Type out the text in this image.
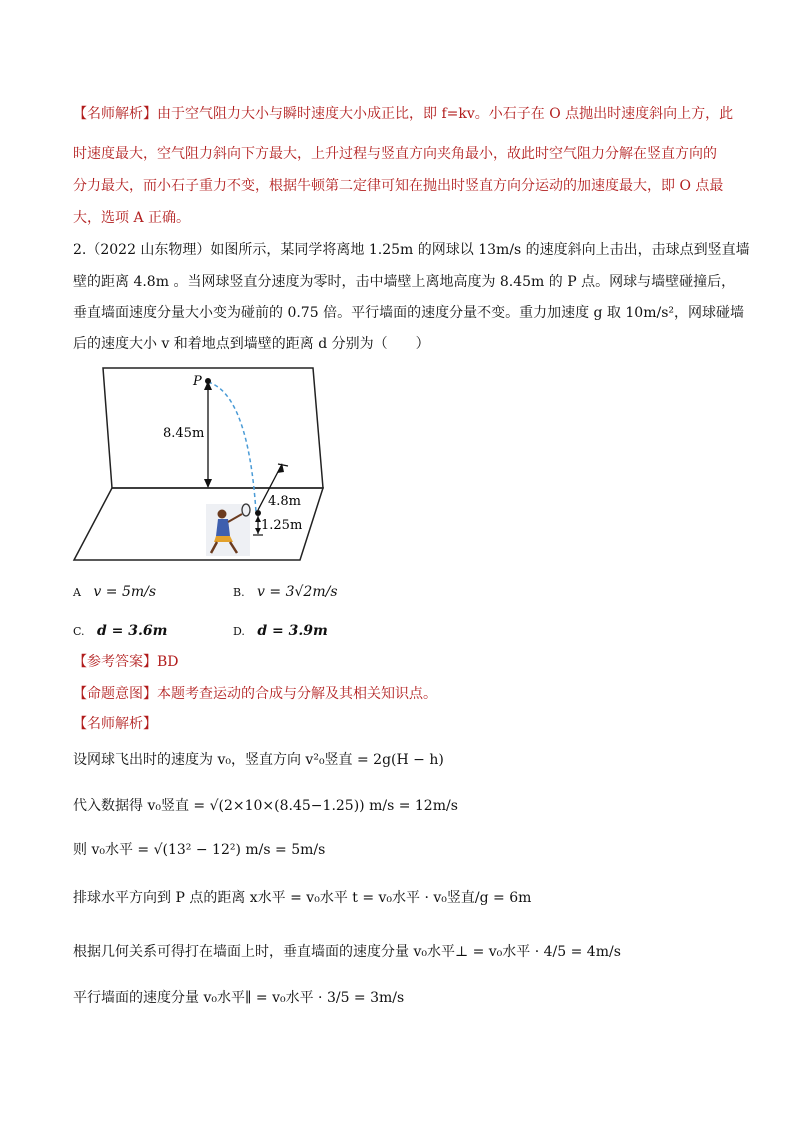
【名师解析】由于空气阻力大小与瞬时速度大小成正比，即 f=kv。小石子在 O 点抛出时速度斜向上方，此
时速度最大，空气阻力斜向下方最大，上升过程与竖直方向夹角最小，故此时空气阻力分解在竖直方向的
分力最大，而小石子重力不变，根据牛顿第二定律可知在抛出时竖直方向分运动的加速度最大，即 O 点最
大，选项 A 正确。
2.（2022 山东物理）如图所示，某同学将离地 1.25m 的网球以 13m/s 的速度斜向上击出，击球点到竖直墙
壁的距离 4.8m 。当网球竖直分速度为零时，击中墙壁上离地高度为 8.45m 的 P 点。网球与墙壁碰撞后，
垂直墙面速度分量大小变为碰前的 0.75 倍。平行墙面的速度分量不变。重力加速度 g 取 10m/s²，网球碰墙
后的速度大小 v 和着地点到墙壁的距离 d 分别为（　　）
P
8.45m
4.8m
1.25m
A v = 5m/s	B. v = 3√2m/s
C. d = 3.6m	D. d = 3.9m
【参考答案】BD
【命题意图】本题考查运动的合成与分解及其相关知识点。
【名师解析】
设网球飞出时的速度为 v₀，竖直方向 v²₀竖直 = 2g(H − h)
代入数据得 v₀竖直 = √(2×10×(8.45−1.25)) m/s = 12m/s
则 v₀水平 = √(13² − 12²) m/s = 5m/s
排球水平方向到 P 点的距离 x水平 = v₀水平 t = v₀水平 · v₀竖直/g = 6m
根据几何关系可得打在墙面上时，垂直墙面的速度分量 v₀水平⊥ = v₀水平 · 4/5 = 4m/s
平行墙面的速度分量 v₀水平∥ = v₀水平 · 3/5 = 3m/s
